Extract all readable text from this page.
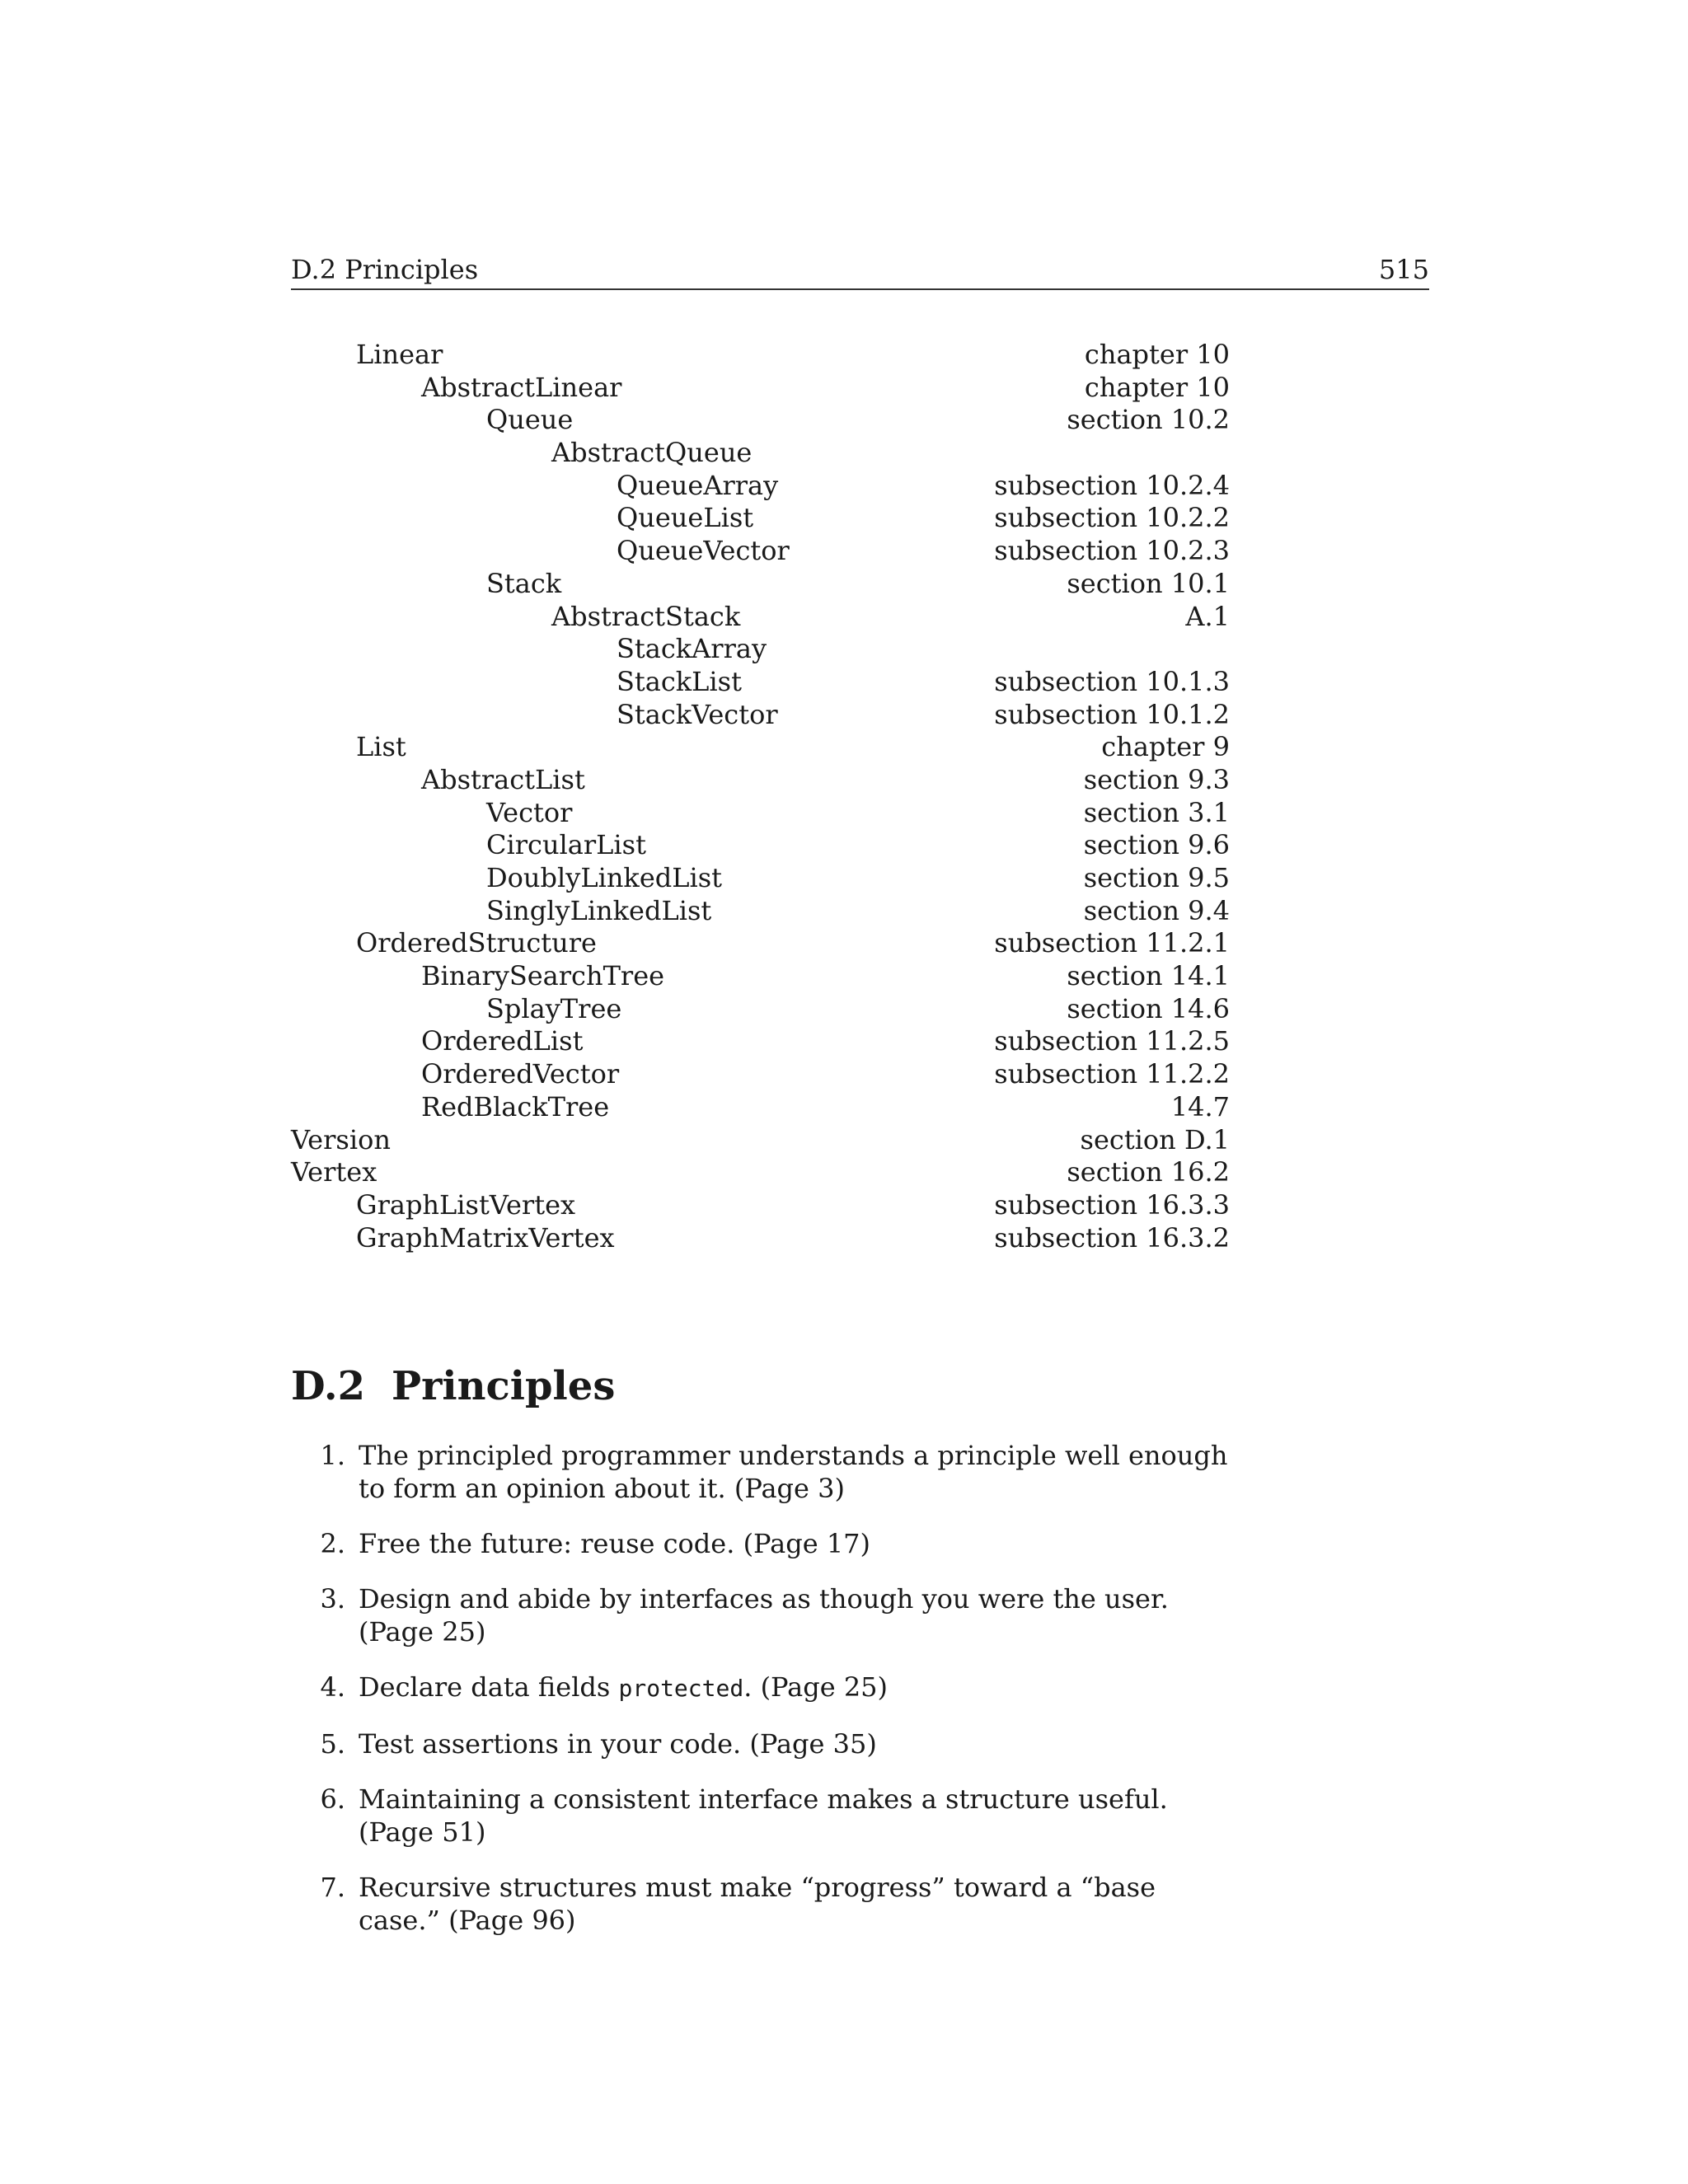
D.2 Principles	515
Linear	chapter 10
AbstractLinear	chapter 10
Queue	section 10.2
AbstractQueue
QueueArray	subsection 10.2.4
QueueList	subsection 10.2.2
QueueVector	subsection 10.2.3
Stack	section 10.1
AbstractStack	A.1
StackArray
StackList	subsection 10.1.3
StackVector	subsection 10.1.2
List	chapter 9
AbstractList	section 9.3
Vector	section 3.1
CircularList	section 9.6
DoublyLinkedList	section 9.5
SinglyLinkedList	section 9.4
OrderedStructure	subsection 11.2.1
BinarySearchTree	section 14.1
SplayTree	section 14.6
OrderedList	subsection 11.2.5
OrderedVector	subsection 11.2.2
RedBlackTree	14.7
Version	section D.1
Vertex	section 16.2
GraphListVertex	subsection 16.3.3
GraphMatrixVertex	subsection 16.3.2
D.2 Principles
1. The principled programmer understands a principle well enough to form an opinion about it. (Page 3)
2. Free the future: reuse code. (Page 17)
3. Design and abide by interfaces as though you were the user. (Page 25)
4. Declare data fields protected. (Page 25)
5. Test assertions in your code. (Page 35)
6. Maintaining a consistent interface makes a structure useful. (Page 51)
7. Recursive structures must make “progress” toward a “base case.” (Page 96)
